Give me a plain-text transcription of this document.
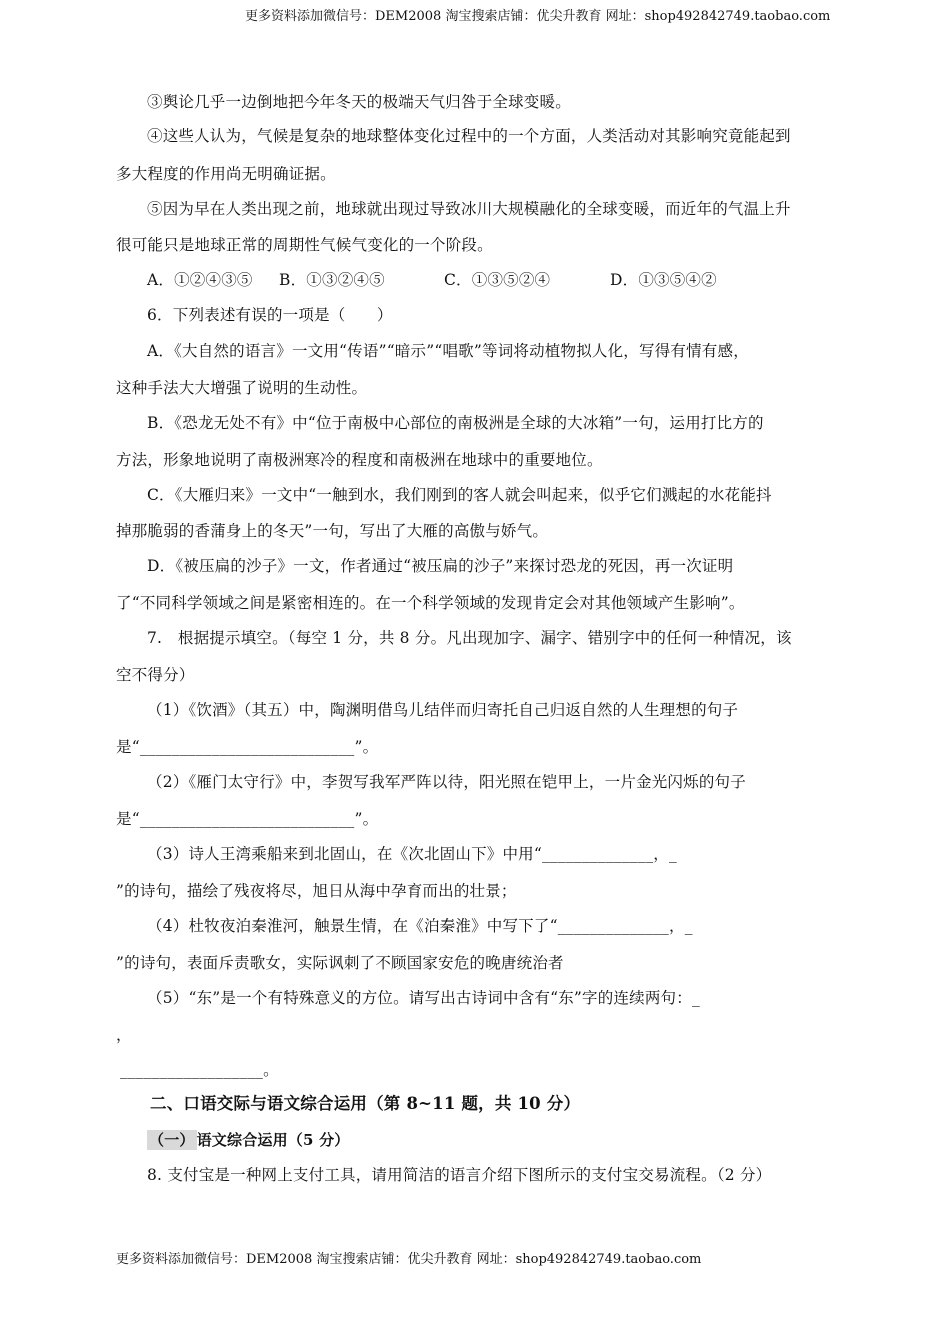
更多资料添加微信号：DEM2008 淘宝搜索店铺：优尖升教育 网址：shop492842749.taobao.com
③舆论几乎一边倒地把今年冬天的极端天气归咎于全球变暖。
④这些人认为，气候是复杂的地球整体变化过程中的一个方面，人类活动对其影响究竟能起到
多大程度的作用尚无明确证据。
⑤因为早在人类出现之前，地球就出现过导致冰川大规模融化的全球变暖，而近年的气温上升
很可能只是地球正常的周期性气候气变化的一个阶段。
A．①②④③⑤ B．①③②④⑤	C．①③⑤②④	D．①③⑤④②
6．下列表述有误的一项是（　　）
A．《大自然的语言》一文用“传语”“暗示”“唱歌”等词将动植物拟人化，写得有情有感，
这种手法大大增强了说明的生动性。
B．《恐龙无处不有》中“位于南极中心部位的南极洲是全球的大冰箱”一句，运用打比方的
方法，形象地说明了南极洲寒冷的程度和南极洲在地球中的重要地位。
C．《大雁归来》一文中“一触到水，我们刚到的客人就会叫起来，似乎它们溅起的水花能抖
掉那脆弱的香蒲身上的冬天”一句，写出了大雁的高傲与娇气。
D．《被压扁的沙子》一文，作者通过“被压扁的沙子”来探讨恐龙的死因，再一次证明
了“不同科学领域之间是紧密相连的。在一个科学领域的发现肯定会对其他领域产生影响”。
7.　根据提示填空。（每空 1 分，共 8 分。凡出现加字、漏字、错别字中的任何一种情况，该
空不得分）
（1）《饮酒》（其五）中，陶渊明借鸟儿结伴而归寄托自己归返自然的人生理想的句子
是“___________________________”。
（2）《雁门太守行》中，李贺写我军严阵以待，阳光照在铠甲上，一片金光闪烁的句子
是“___________________________”。
（3）诗人王湾乘船来到北固山，在《次北固山下》中用“______________，_
”的诗句，描绘了残夜将尽，旭日从海中孕育而出的壮景；
（4）杜牧夜泊秦淮河，触景生情，在《泊秦淮》中写下了“______________，_
”的诗句，表面斥责歌女，实际讽刺了不顾国家安危的晚唐统治者
（5）“东”是一个有特殊意义的方位。请写出古诗词中含有“东”字的连续两句：_
，
__________________。
二、口语交际与语文综合运用（第 8~11 题，共 10 分）
（一） 语文综合运用（5 分）
8. 支付宝是一种网上支付工具，请用简洁的语言介绍下图所示的支付宝交易流程。（2 分）
更多资料添加微信号：DEM2008 淘宝搜索店铺：优尖升教育 网址：shop492842749.taobao.com
